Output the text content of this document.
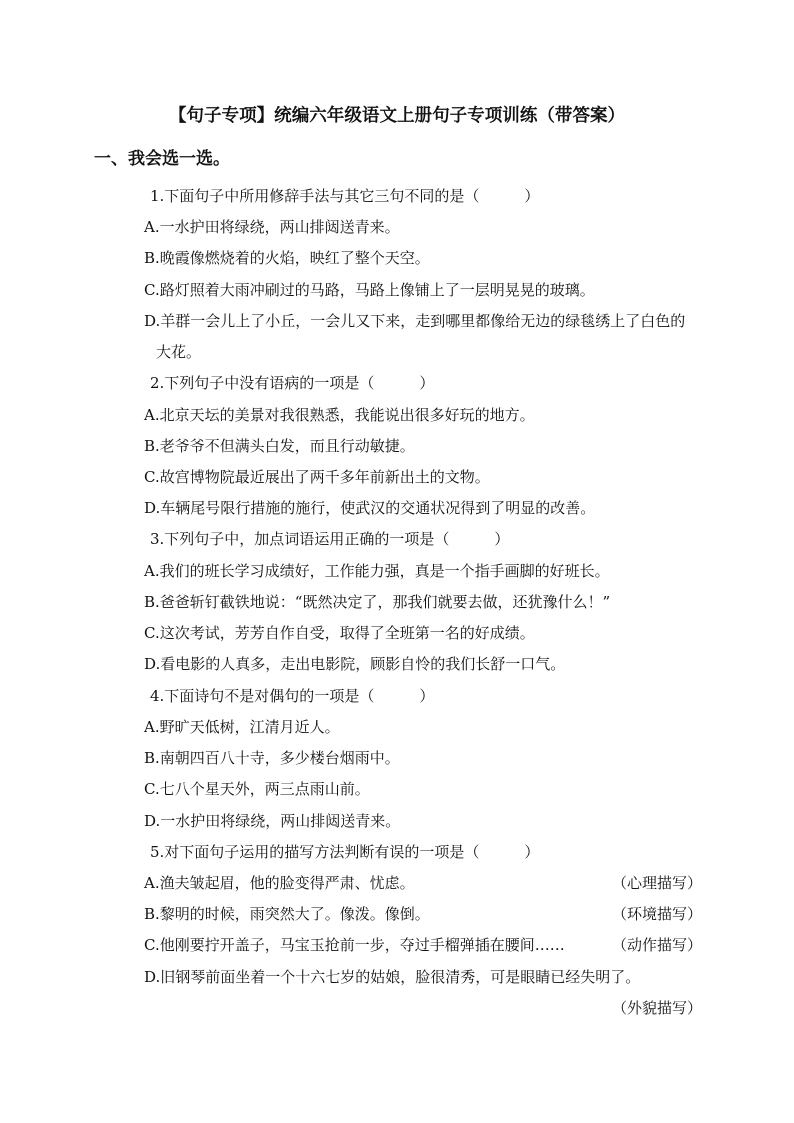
【句子专项】统编六年级语文上册句子专项训练（带答案）
一、我会选一选。
1.下面句子中所用修辞手法与其它三句不同的是（　　　）
A.一水护田将绿绕，两山排闼送青来。
B.晚霞像燃烧着的火焰，映红了整个天空。
C.路灯照着大雨冲刷过的马路，马路上像铺上了一层明晃晃的玻璃。
D.羊群一会儿上了小丘，一会儿又下来，走到哪里都像给无边的绿毯绣上了白色的
大花。
2.下列句子中没有语病的一项是（　　　）
A.北京天坛的美景对我很熟悉，我能说出很多好玩的地方。
B.老爷爷不但满头白发，而且行动敏捷。
C.故宫博物院最近展出了两千多年前新出土的文物。
D.车辆尾号限行措施的施行，使武汉的交通状况得到了明显的改善。
3.下列句子中，加点词语运用正确的一项是（　　　）
A.我们的班长学习成绩好，工作能力强，真是一个指手画脚的好班长。
B.爸爸斩钉截铁地说：“既然决定了，那我们就要去做，还犹豫什么！”
C.这次考试，芳芳自作自受，取得了全班第一名的好成绩。
D.看电影的人真多，走出电影院，顾影自怜的我们长舒一口气。
4.下面诗句不是对偶句的一项是（　　　）
A.野旷天低树，江清月近人。
B.南朝四百八十寺，多少楼台烟雨中。
C.七八个星天外，两三点雨山前。
D.一水护田将绿绕，两山排闼送青来。
5.对下面句子运用的描写方法判断有误的一项是（　　　）
A.渔夫皱起眉，他的脸变得严肃、忧虑。	（心理描写）
B.黎明的时候，雨突然大了。像泼。像倒。	（环境描写）
C.他刚要拧开盖子，马宝玉抢前一步，夺过手榴弹插在腰间……	（动作描写）
D.旧钢琴前面坐着一个十六七岁的姑娘，脸很清秀，可是眼睛已经失明了。
（外貌描写）
